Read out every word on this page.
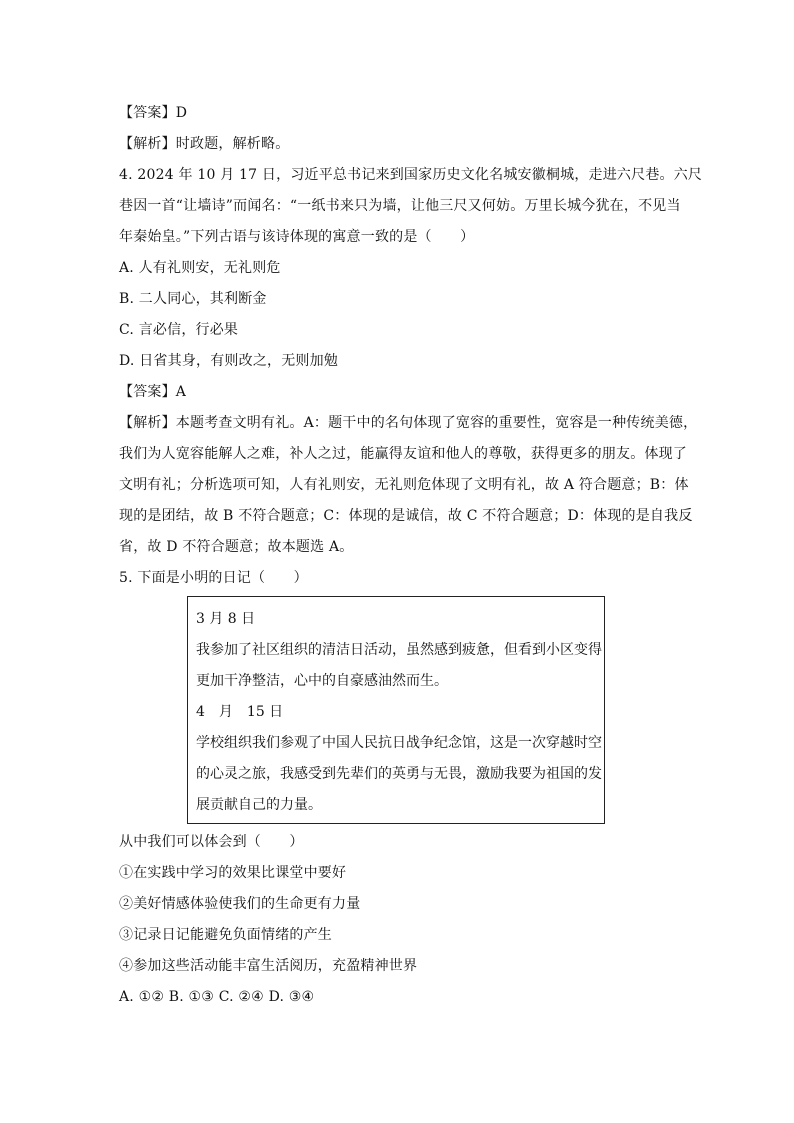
【答案】D
【解析】时政题，解析略。
4. 2024 年 10 月 17 日，习近平总书记来到国家历史文化名城安徽桐城，走进六尺巷。六尺
巷因一首“让墙诗”而闻名：“一纸书来只为墙，让他三尺又何妨。万里长城今犹在，不见当
年秦始皇。”下列古语与该诗体现的寓意一致的是（　　）
A. 人有礼则安，无礼则危
B. 二人同心，其利断金
C. 言必信，行必果
D. 日省其身，有则改之，无则加勉
【答案】A
【解析】本题考查文明有礼。A：题干中的名句体现了宽容的重要性，宽容是一种传统美德，
我们为人宽容能解人之难，补人之过，能赢得友谊和他人的尊敬，获得更多的朋友。体现了
文明有礼；分析选项可知，人有礼则安，无礼则危体现了文明有礼，故 A 符合题意；B：体
现的是团结，故 B 不符合题意；C：体现的是诚信，故 C 不符合题意；D：体现的是自我反
省，故 D 不符合题意；故本题选 A。
5. 下面是小明的日记（　　）
3 月 8 日
我参加了社区组织的清洁日活动，虽然感到疲惫，但看到小区变得
更加干净整洁，心中的自豪感油然而生。
4　月　15 日
学校组织我们参观了中国人民抗日战争纪念馆，这是一次穿越时空
的心灵之旅，我感受到先辈们的英勇与无畏，激励我要为祖国的发
展贡献自己的力量。
从中我们可以体会到（　　）
①在实践中学习的效果比课堂中要好
②美好情感体验使我们的生命更有力量
③记录日记能避免负面情绪的产生
④参加这些活动能丰富生活阅历，充盈精神世界
A. ①② B. ①③ C. ②④ D. ③④
